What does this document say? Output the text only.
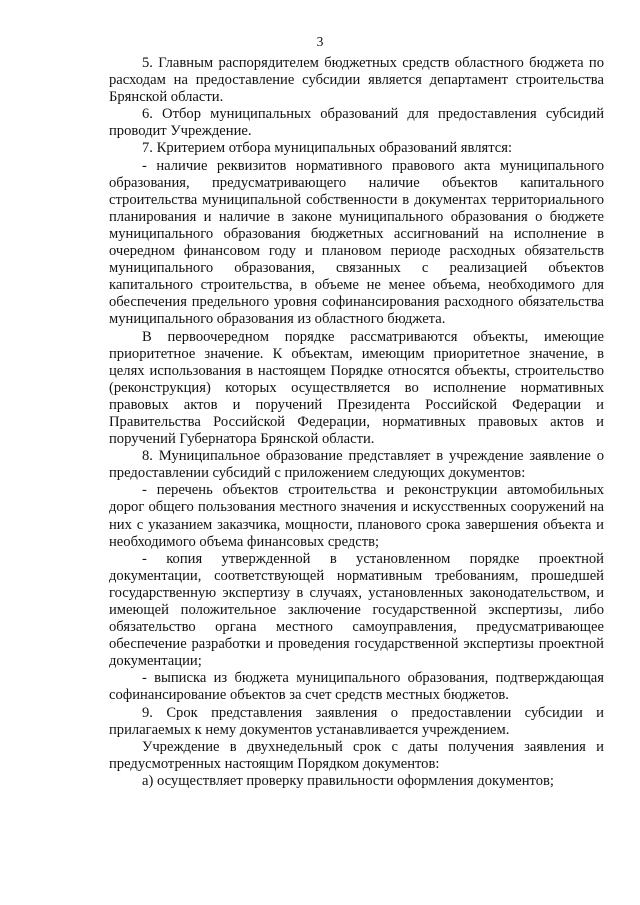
3

5. Главным распорядителем бюджетных средств областного бюджета по расходам на предоставление субсидии является департамент строительства Брянской области.

6. Отбор муниципальных образований для предоставления субсидий проводит Учреждение.

7. Критерием отбора муниципальных образований являтся:

- наличие реквизитов нормативного правового акта муниципального образования, предусматривающего наличие объектов капитального строительства муниципальной собственности в документах территориального планирования и наличие в законе муниципального образования о бюджете муниципального образования бюджетных ассигнований на исполнение в очередном финансовом году и плановом периоде расходных обязательств муниципального образования, связанных с реализацией объектов капитального строительства, в объеме не менее объема, необходимого для обеспечения предельного уровня софинансирования расходного обязательства муниципального образования из областного бюджета.

В первоочередном порядке рассматриваются объекты, имеющие приоритетное значение. К объектам, имеющим приоритетное значение, в целях использования в настоящем Порядке относятся объекты, строительство (реконструкция) которых осуществляется во исполнение нормативных правовых актов и поручений Президента Российской Федерации и Правительства Российской Федерации, нормативных правовых актов и поручений Губернатора Брянской области.

8. Муниципальное образование представляет в учреждение заявление о предоставлении субсидий с приложением следующих документов:

- перечень объектов строительства и реконструкции автомобильных дорог общего пользования местного значения и искусственных сооружений на них с указанием заказчика, мощности, планового срока завершения объекта и необходимого объема финансовых средств;

- копия утвержденной в установленном порядке проектной документации, соответствующей нормативным требованиям, прошедшей государственную экспертизу в случаях, установленных законодательством, и имеющей положительное заключение государственной экспертизы, либо обязательство органа местного самоуправления, предусматривающее обеспечение разработки и проведения государственной экспертизы проектной документации;

- выписка из бюджета муниципального образования, подтверждающая софинансирование объектов за счет средств местных бюджетов.

9. Срок представления заявления о предоставлении субсидии и прилагаемых к нему документов устанавливается учреждением.

Учреждение в двухнедельный срок с даты получения заявления и предусмотренных настоящим Порядком документов:

а) осуществляет проверку правильности оформления документов;
